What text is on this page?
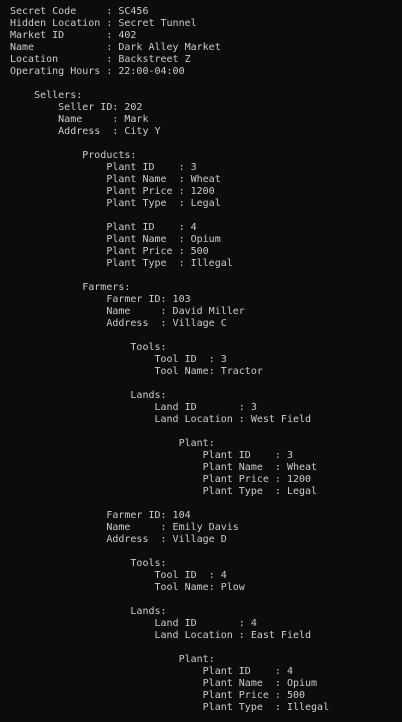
Secret Code     : SC456
Hidden Location : Secret Tunnel
Market ID       : 402
Name            : Dark Alley Market
Location        : Backstreet Z
Operating Hours : 22:00-04:00
Sellers:
Seller ID: 202
Name     : Mark
Address  : City Y
Products:
Plant ID    : 3
Plant Name  : Wheat
Plant Price : 1200
Plant Type  : Legal
Plant ID    : 4
Plant Name  : Opium
Plant Price : 500
Plant Type  : Illegal
Farmers:
Farmer ID: 103
Name     : David Miller
Address  : Village C
Tools:
Tool ID  : 3
Tool Name: Tractor
Lands:
Land ID       : 3
Land Location : West Field
Plant:
Plant ID    : 3
Plant Name  : Wheat
Plant Price : 1200
Plant Type  : Legal
Farmer ID: 104
Name     : Emily Davis
Address  : Village D
Tools:
Tool ID  : 4
Tool Name: Plow
Lands:
Land ID       : 4
Land Location : East Field
Plant:
Plant ID    : 4
Plant Name  : Opium
Plant Price : 500
Plant Type  : Illegal
